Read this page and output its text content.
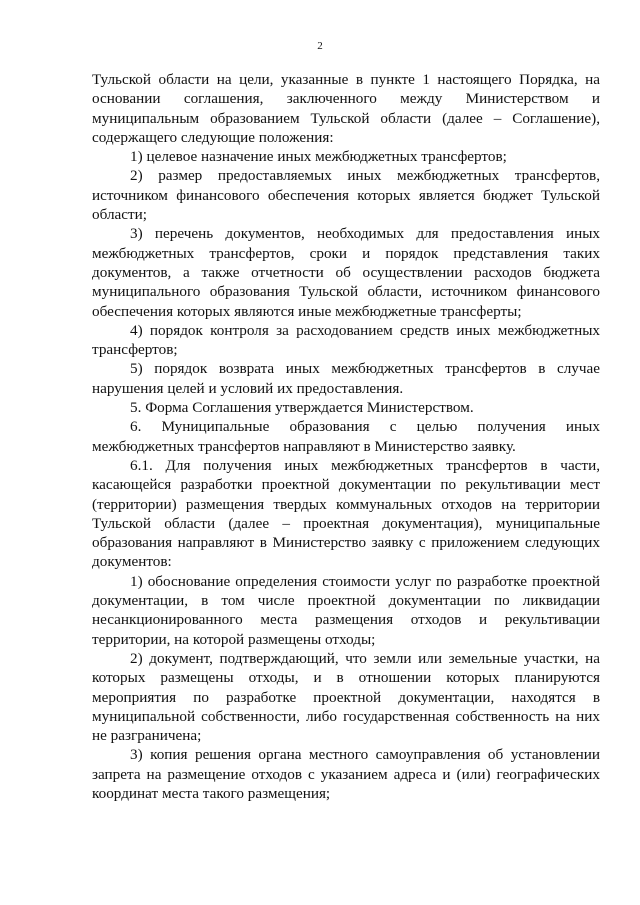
2

Тульской области на цели, указанные в пункте 1 настоящего Порядка, на основании соглашения, заключенного между Министерством и муниципальным образованием Тульской области (далее – Соглашение), содержащего следующие положения:

1) целевое назначение иных межбюджетных трансфертов;

2) размер предоставляемых иных межбюджетных трансфертов, источником финансового обеспечения которых является бюджет Тульской области;

3) перечень документов, необходимых для предоставления иных межбюджетных трансфертов, сроки и порядок представления таких документов, а также отчетности об осуществлении расходов бюджета муниципального образования Тульской области, источником финансового обеспечения которых являются иные межбюджетные трансферты;

4) порядок контроля за расходованием средств иных межбюджетных трансфертов;

5) порядок возврата иных межбюджетных трансфертов в случае нарушения целей и условий их предоставления.

5. Форма Соглашения утверждается Министерством.

6. Муниципальные образования с целью получения иных межбюджетных трансфертов направляют в Министерство заявку.

6.1. Для получения иных межбюджетных трансфертов в части, касающейся разработки проектной документации по рекультивации мест (территории) размещения твердых коммунальных отходов на территории Тульской области (далее – проектная документация), муниципальные образования направляют в Министерство заявку с приложением следующих документов:

1) обоснование определения стоимости услуг по разработке проектной документации, в том числе проектной документации по ликвидации несанкционированного места размещения отходов и рекультивации территории, на которой размещены отходы;

2) документ, подтверждающий, что земли или земельные участки, на которых размещены отходы, и в отношении которых планируются мероприятия по разработке проектной документации, находятся в муниципальной собственности, либо государственная собственность на них не разграничена;

3) копия решения органа местного самоуправления об установлении запрета на размещение отходов с указанием адреса и (или) географических координат места такого размещения;
